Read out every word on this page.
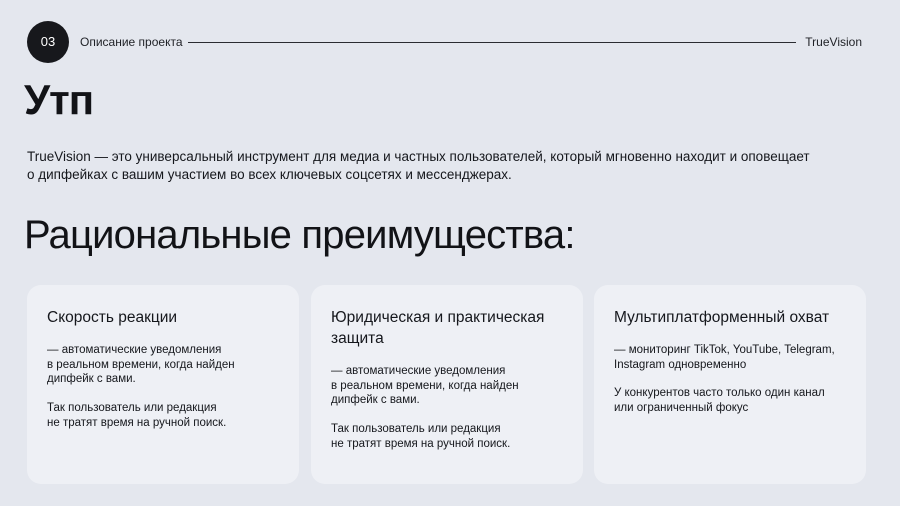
03	Описание проекта	TrueVision
Утп

TrueVision — это универсальный инструмент для медиа и частных пользователей, который мгновенно находит и оповещает
о дипфейках с вашим участием во всех ключевых соцсетях и мессенджерах.

Рациональные преимущества:

Скорость реакции

— автоматические уведомления

в реальном времени, когда найден

дипфейк с вами.

Так пользователь или редакция

не тратят время на ручной поиск.

Юридическая и практическая
защита

— автоматические уведомления

в реальном времени, когда найден

дипфейк с вами.

Так пользователь или редакция

не тратят время на ручной поиск.

Мультиплатформенный охват

— мониторинг TikTok, YouTube, Telegram,

Instagram одновременно

У конкурентов часто только один канал

или ограниченный фокус
